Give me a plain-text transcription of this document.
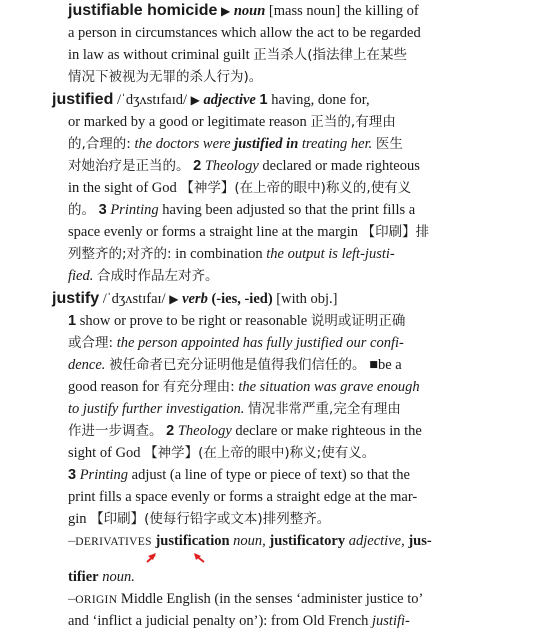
justifiable homicide ▶ noun [mass noun] the killing of
a person in circumstances which allow the act to be regarded
in law as without criminal guilt 正当杀人(指法律上在某些
情况下被视为无罪的杀人行为)。
justified /ˈdʒʌstɪfaɪd/ ▶ adjective 1 having, done for,
or marked by a good or legitimate reason 正当的,有理由
的,合理的: the doctors were justified in treating her. 医生
对她治疗是正当的。 2 Theology declared or made righteous
in the sight of God 【神学】(在上帝的眼中)称义的,使有义
的。 3 Printing having been adjusted so that the print fills a
space evenly or forms a straight line at the margin 【印刷】排
列整齐的;对齐的: in combination the output is left-justi-
fied. 合成时作品左对齐。
justify /ˈdʒʌstɪfaɪ/ ▶ verb (-ies, -ied) [with obj.]
1 show or prove to be right or reasonable 说明或证明正确
或合理: the person appointed has fully justified our confi-
dence. 被任命者已充分证明他是值得我们信任的。 ■be a
good reason for 有充分理由: the situation was grave enough
to justify further investigation. 情况非常严重,完全有理由
作进一步调查。 2 Theology declare or make righteous in the
sight of God 【神学】(在上帝的眼中)称义;使有义。
3 Printing adjust (a line of type or piece of text) so that the
print fills a space evenly or forms a straight edge at the mar-
gin 【印刷】(使每行铅字或文本)排列整齐。
–DERIVATIVES justification noun, justificatory adjective, jus-
tifier noun.
–ORIGIN Middle English (in the senses ‘administer justice to’
and ‘inflict a judicial penalty on’): from Old French justifi-
